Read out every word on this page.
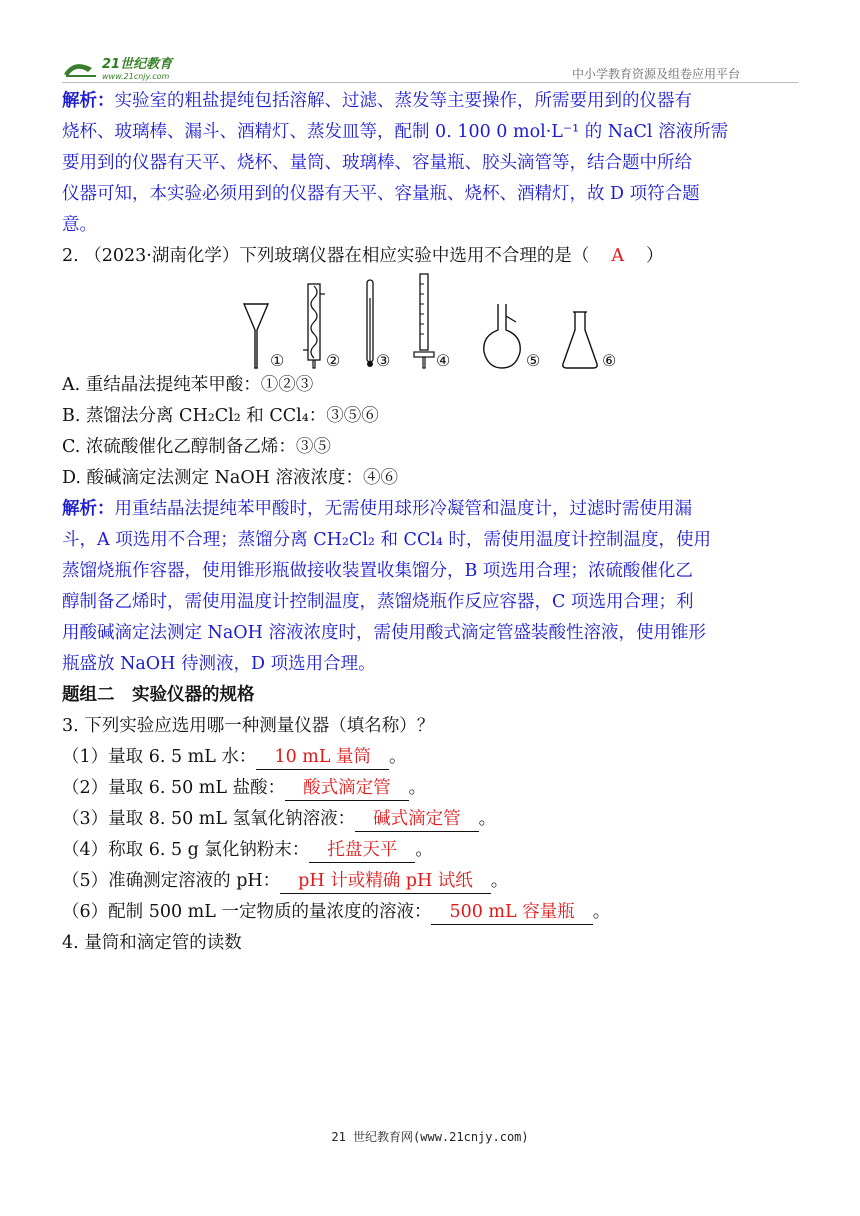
21世纪教育
www.21cnjy.com	中小学教育资源及组卷应用平台
解析：实验室的粗盐提纯包括溶解、过滤、蒸发等主要操作，所需要用到的仪器有
烧杯、玻璃棒、漏斗、酒精灯、蒸发皿等，配制 0. 100 0 mol·L⁻¹ 的 NaCl 溶液所需
要用到的仪器有天平、烧杯、量筒、玻璃棒、容量瓶、胶头滴管等，结合题中所给
仪器可知，本实验必须用到的仪器有天平、容量瓶、烧杯、酒精灯，故 D 项符合题
意。
2. （2023·湖南化学）下列玻璃仪器在相应实验中选用不合理的是（ A ）
①	② ③	④	⑤	⑥
A. 重结晶法提纯苯甲酸：①②③
B. 蒸馏法分离 CH₂Cl₂ 和 CCl₄：③⑤⑥
C. 浓硫酸催化乙醇制备乙烯：③⑤
D. 酸碱滴定法测定 NaOH 溶液浓度：④⑥
解析：用重结晶法提纯苯甲酸时，无需使用球形冷凝管和温度计，过滤时需使用漏
斗，A 项选用不合理；蒸馏分离 CH₂Cl₂ 和 CCl₄ 时，需使用温度计控制温度，使用
蒸馏烧瓶作容器，使用锥形瓶做接收装置收集馏分，B 项选用合理；浓硫酸催化乙
醇制备乙烯时，需使用温度计控制温度，蒸馏烧瓶作反应容器，C 项选用合理；利
用酸碱滴定法测定 NaOH 溶液浓度时，需使用酸式滴定管盛装酸性溶液，使用锥形
瓶盛放 NaOH 待测液，D 项选用合理。
题组二　实验仪器的规格
3. 下列实验应选用哪一种测量仪器（填名称）？
（1）量取 6. 5 mL 水： 10 mL 量筒 。
（2）量取 6. 50 mL 盐酸： 酸式滴定管 。
（3）量取 8. 50 mL 氢氧化钠溶液： 碱式滴定管 。
（4）称取 6. 5 g 氯化钠粉末： 托盘天平 。
（5）准确测定溶液的 pH： pH 计或精确 pH 试纸 。
（6）配制 500 mL 一定物质的量浓度的溶液： 500 mL 容量瓶 。
4. 量筒和滴定管的读数
21 世纪教育网(www.21cnjy.com)
